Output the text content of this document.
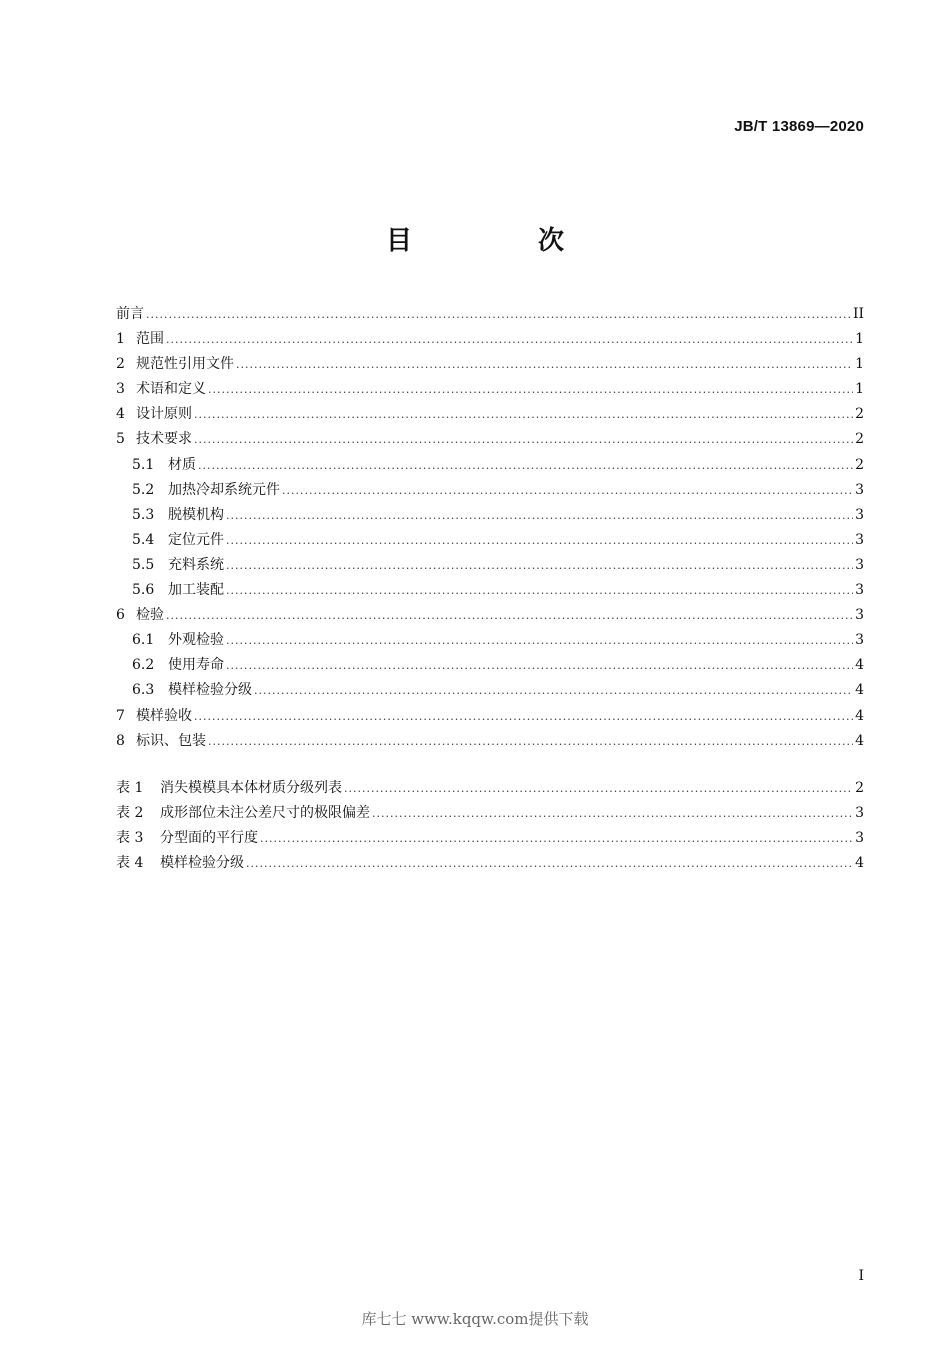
JB/T 13869—2020
目　次
前言 .....	II
1 范围 .....	1
2 规范性引用文件 .....	1
3 术语和定义 .....	1
4 设计原则 .....	2
5 技术要求 .....	2
5.1 材质 .....	2
5.2 加热冷却系统元件 .....	3
5.3 脱模机构 .....	3
5.4 定位元件 .....	3
5.5 充料系统 .....	3
5.6 加工装配 .....	3
6 检验 .....	3
6.1 外观检验 .....	3
6.2 使用寿命 .....	4
6.3 模样检验分级 .....	4
7 模样验收 .....	4
8 标识、包装 .....	4
表 1	消失模模具本体材质分级列表 .....	2
表 2	成形部位未注公差尺寸的极限偏差 .....	3
表 3	分型面的平行度 .....	3
表 4	模样检验分级 .....	4
I
库七七 www.kqqw.com提供下载
